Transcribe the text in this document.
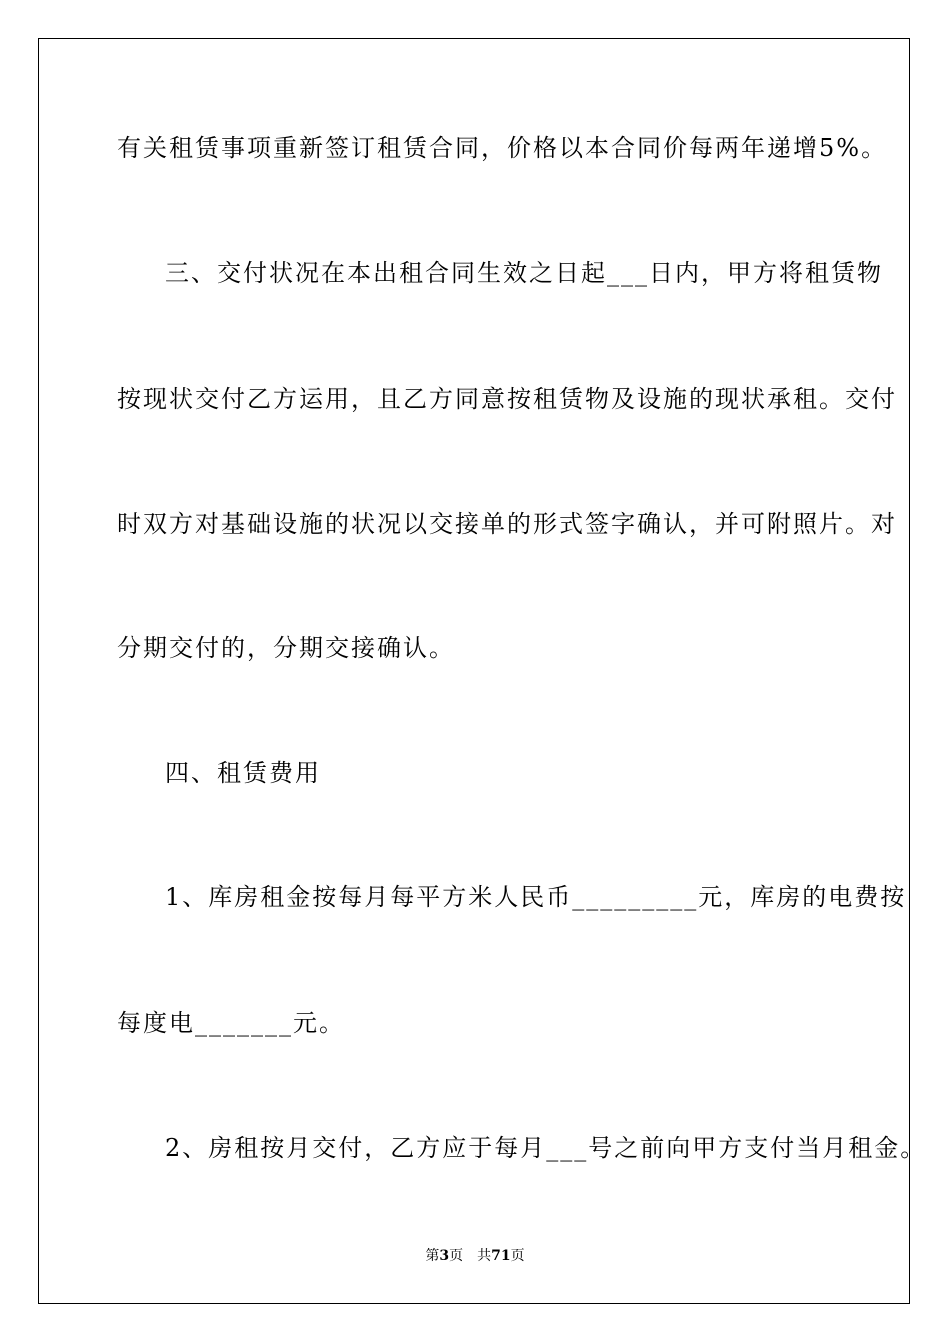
有关租赁事项重新签订租赁合同，价格以本合同价每两年递增5%。
三、交付状况在本出租合同生效之日起___日内，甲方将租赁物
按现状交付乙方运用，且乙方同意按租赁物及设施的现状承租。交付
时双方对基础设施的状况以交接单的形式签字确认，并可附照片。对
分期交付的，分期交接确认。
四、租赁费用
1、库房租金按每月每平方米人民币_________元，库房的电费按
每度电_______元。
2、房租按月交付，乙方应于每月___号之前向甲方支付当月租金。
第3页 共71页
